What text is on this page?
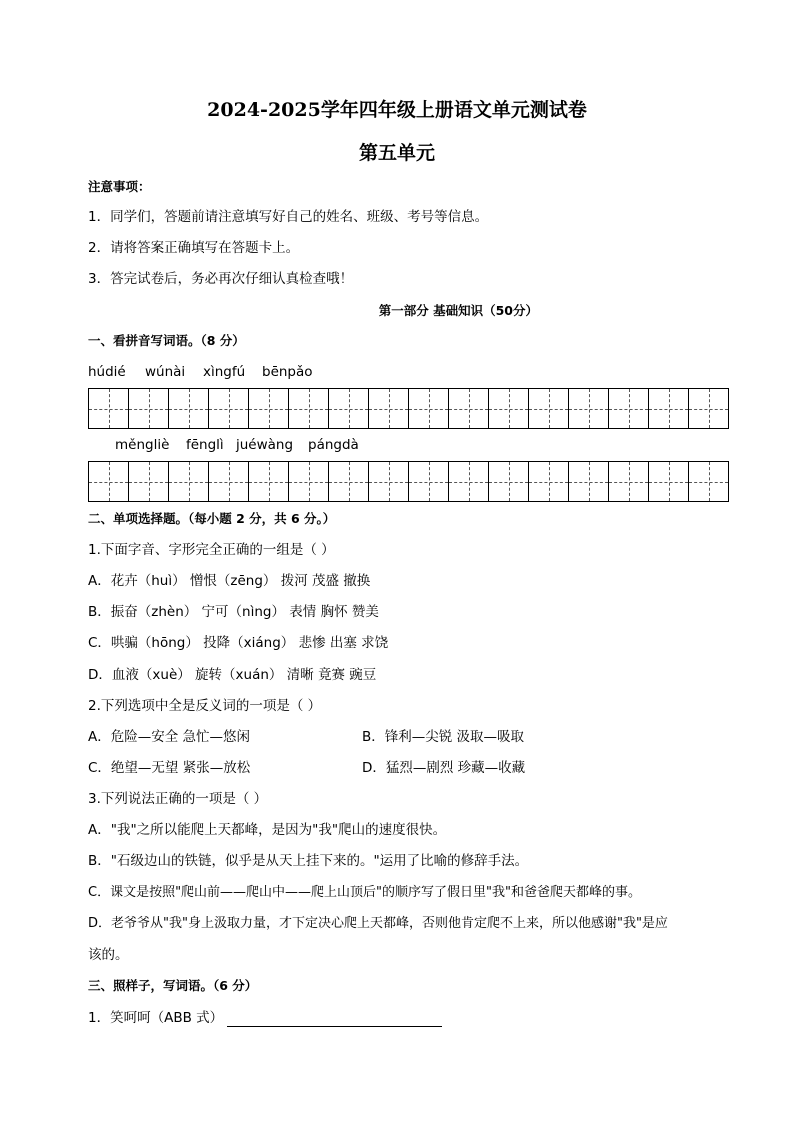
2024-2025学年四年级上册语文单元测试卷
第五单元
注意事项：
1．同学们，答题前请注意填写好自己的姓名、班级、考号等信息。
2．请将答案正确填写在答题卡上。
3．答完试卷后，务必再次仔细认真检查哦！
第一部分 基础知识（50分）
一、看拼音写词语。（8 分）
húdié wúnài xìngfú bēnpǎo
měngliè fēnglì juéwàng pángdà
二、单项选择题。（每小题 2 分，共 6 分。）
1.下面字音、字形完全正确的一组是（ ）
A．花卉（huì） 憎恨（zēng） 拨河 茂盛 撤换
B．振奋（zhèn） 宁可（nìng） 表情 胸怀 赞美
C．哄骗（hōng） 投降（xiáng） 悲惨 出塞 求饶
D．血液（xuè） 旋转（xuán） 清晰 竟赛 豌豆
2.下列选项中全是反义词的一项是（ ）
A．危险—安全 急忙—悠闲	B．锋利—尖锐 汲取—吸取
C．绝望—无望 紧张—放松	D．猛烈—剧烈 珍藏—收藏
3.下列说法正确的一项是（ ）
A．"我"之所以能爬上天都峰，是因为"我"爬山的速度很快。
B．"石级边山的铁链，似乎是从天上挂下来的。"运用了比喻的修辞手法。
C．课文是按照"爬山前——爬山中——爬上山顶后"的顺序写了假日里"我"和爸爸爬天都峰的事。
D．老爷爷从"我"身上汲取力量，才下定决心爬上天都峰，否则他肯定爬不上来，所以他感谢"我"是应
该的。
三、照样子，写词语。（6 分）
1．笑呵呵（ABB 式）
